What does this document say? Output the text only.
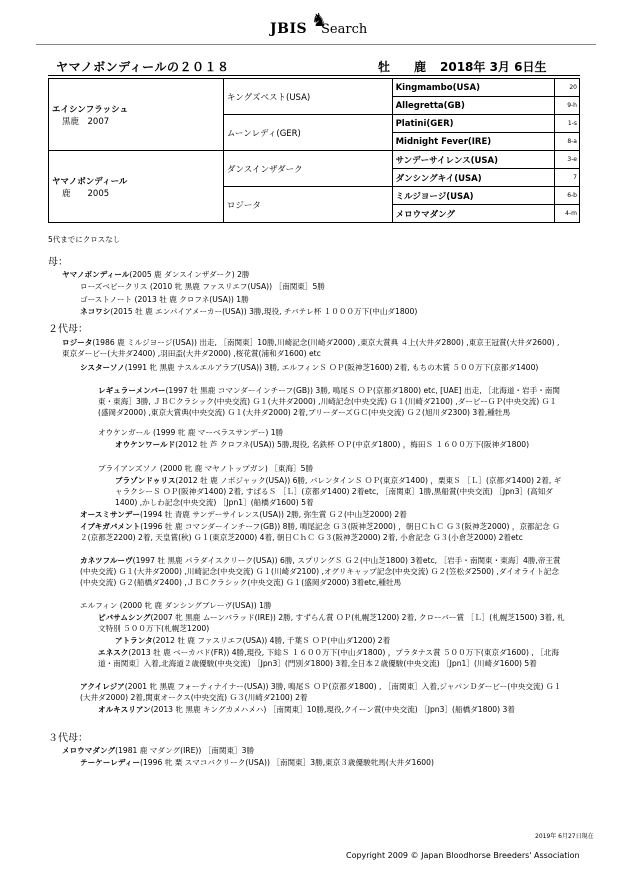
JBIS ♞
Search
ヤマノボンディールの２０１８	牡　鹿 2018年 3月 6日生
エイシンフラッシュ
黒鹿　2007	キングズベスト(USA)	Kingmambo(USA)	20
		Allegretta(GB)	9-h
	ムーンレディ(GER)	Platini(GER)	1-s
		Midnight Fever(IRE)	8-a

ヤマノボンディール
鹿　　2005	ダンスインザダーク	サンデーサイレンス(USA)	3-e
		ダンシングキイ(USA)	7
	ロジータ	ミルジヨージ(USA)	6-b
		メロウマダング	4-m
5代までにクロスなし
母：
２代母：
３代母：
ヤマノボンディール(2005 鹿 ダンスインザダーク) 2勝
ローズベビークリス (2010 牝 黒鹿 ファスリエフ(USA)) ［南関東］5勝
ゴーストノート (2013 牡 鹿 クロフネ(USA)) 1勝
ネコワシ(2015 牡 鹿 エンパイアメーカー(USA)) 3勝,現役, チバテレ杯 １０００万下(中山ダ1800)
ロジータ(1986 鹿 ミルジヨージ(USA)) 出走, ［南関東］10勝,川崎記念(川崎ダ2000) ,東京大賞典 ４上(大井ダ2800) ,東京王冠賞(大井ダ2600) ,東京ダービー(大井ダ2400) ,羽田盃(大井ダ2000) ,桜花賞(浦和ダ1600) etc
シスターソノ(1991 牝 黒鹿 ナスルエルアラブ(USA)) 3勝, エルフィンＳ ＯＰ(阪神芝1600) 2着, もちの木賞 ５００万下(京都ダ1400)
レギュラーメンバー(1997 牡 黒鹿 コマンダーインチーフ(GB)) 3勝, 鳴尾Ｓ ＯＰ(京都ダ1800) etc, [UAE] 出走, ［北海道・岩手・南関東・東海］3勝, ＪＢＣクラシック(中央交流) Ｇ１(大井ダ2000) ,川崎記念(中央交流) Ｇ１(川崎ダ2100) ,ダービーＧＰ(中央交流) Ｇ１(盛岡ダ2000) ,東京大賞典(中央交流) Ｇ１(大井ダ2000) 2着,ブリーダーズＧＣ(中央交流) Ｇ２(旭川ダ2300) 3着,種牡馬
オウケンガール (1999 牝 鹿 マーベラスサンデー) 1勝
オウケンワールド(2012 牡 芦 クロフネ(USA)) 5勝,現役, 名鉄杯 ＯＰ(中京ダ1800) ，梅田Ｓ １６００万下(阪神ダ1800)
ブライアンズソノ (2000 牝 鹿 マヤノトップガン) ［東海］5勝
ブラゾンドゥリス(2012 牡 鹿 ノボジャック(USA)) 6勝, バレンタインＳ ＯＰ(東京ダ1400) ，栗東Ｓ ［Ｌ］(京都ダ1400) 2着, ギャラクシーＳ ＯＰ(阪神ダ1400) 2着, すばるＳ ［Ｌ］(京都ダ1400) 2着etc, ［南関東］1勝,黒船賞(中央交流) ［Jpn3］(高知ダ1400) ,かしわ記念(中央交流) ［Jpn1］(船橋ダ1600) 5着
オースミサンデー(1994 牡 青鹿 サンデーサイレンス(USA)) 2勝, 弥生賞 Ｇ２(中山芝2000) 2着
イブキガバメント(1996 牡 鹿 コマンダーインチーフ(GB)) 8勝, 鳴尾記念 Ｇ３(阪神芝2000) ，朝日ＣｈＣ Ｇ３(阪神芝2000) ，京都記念 Ｇ２(京都芝2200) 2着, 天皇賞(秋) Ｇ１(東京芝2000) 4着, 朝日ＣｈＣ Ｇ３(阪神芝2000) 2着, 小倉記念 Ｇ３(小倉芝2000) 2着etc
カネツフルーヴ(1997 牡 黒鹿 パラダイスクリーク(USA)) 6勝, スプリングＳ Ｇ２(中山芝1800) 3着etc, ［岩手・南関東・東海］4勝,帝王賞(中央交流) Ｇ１(大井ダ2000) ,川崎記念(中央交流) Ｇ１(川崎ダ2100) ,オグリキャップ記念(中央交流) Ｇ２(笠松ダ2500) ,ダイオライト記念(中央交流) Ｇ２(船橋ダ2400) ,ＪＢＣクラシック(中央交流) Ｇ１(盛岡ダ2000) 3着etc,種牡馬
エルフィン (2000 牝 鹿 ダンシングブレーヴ(USA)) 1勝
ピバサムシング(2007 牝 黒鹿 ムーンバラッド(IRE)) 2勝, すずらん賞 ＯＰ(札幌芝1200) 2着, クローバー賞 ［Ｌ］(札幌芝1500) 3着, 札文特別 ５００万下(札幌芝1200)
アトランタ(2012 牡 鹿 ファスリエフ(USA)) 4勝, 千葉Ｓ ＯＰ(中山ダ1200) 2着
エネスク(2013 牡 鹿 ベーカバド(FR)) 4勝,現役, 下総Ｓ １６００万下(中山ダ1800) ，プラタナス賞 ５００万下(東京ダ1600) , ［北海道・南関東］入着,北海道２歳優駿(中央交流) ［Jpn3］(門別ダ1800) 3着,全日本２歳優駿(中央交流) ［Jpn1］(川崎ダ1600) 5着
アクイレジア(2001 牝 黒鹿 フォーティナイナー(USA)) 3勝, 鳴尾Ｓ ＯＰ(京都ダ1800) , ［南関東］入着,ジャパンＤダービー(中央交流) Ｇ１(大井ダ2000) 2着,関東オークス(中央交流) Ｇ３(川崎ダ2100) 2着
オルキスリアン(2013 牝 黒鹿 キングカメハメハ) ［南関東］10勝,現役,クイーン賞(中央交流) ［Jpn3］(船橋ダ1800) 3着
メロウマダング(1981 鹿 マダング(IRE)) ［南関東］3勝
テーケーレディー(1996 牝 栗 スマコバクリーク(USA)) ［南関東］3勝,東京３歳優駿牝馬(大井ダ1600)
2019年 6月27日現在
Copyright 2009 © Japan Bloodhorse Breeders' Association
